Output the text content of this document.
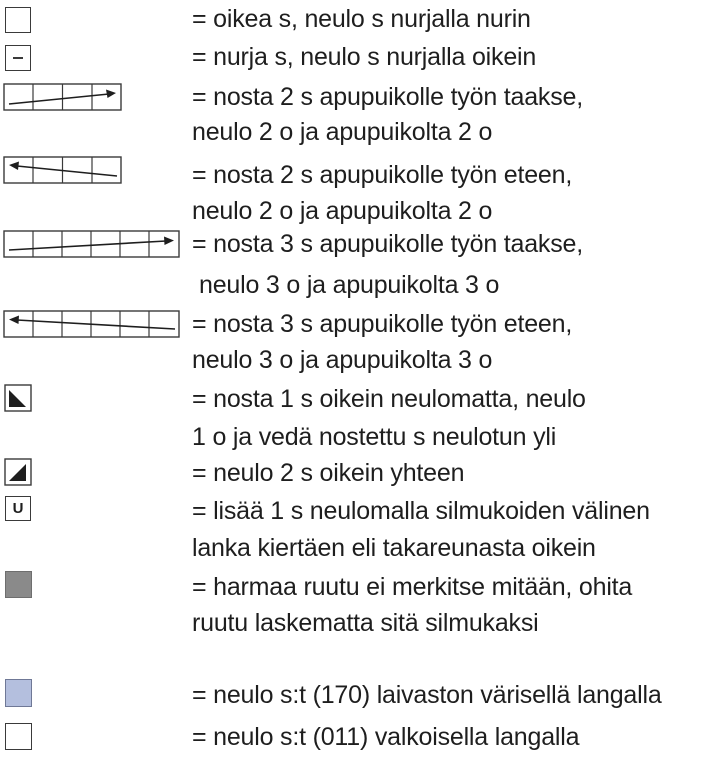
= oikea s, neulo s nurjalla nurin
= nurja s, neulo s nurjalla oikein
= nosta 2 s apupuikolle työn taakse,
neulo 2 o ja apupuikolta 2 o
= nosta 2 s apupuikolle työn eteen,
neulo 2 o ja apupuikolta 2 o
= nosta 3 s apupuikolle työn taakse,
neulo 3 o ja apupuikolta 3 o
= nosta 3 s apupuikolle työn eteen,
neulo 3 o ja apupuikolta 3 o
= nosta 1 s oikein neulomatta, neulo
1 o ja vedä nostettu s neulotun yli
= neulo 2 s oikein yhteen
U	= lisää 1 s neulomalla silmukoiden välinen
lanka kiertäen eli takareunasta oikein
= harmaa ruutu ei merkitse mitään, ohita
ruutu laskematta sitä silmukaksi
= neulo s:t (170) laivaston värisellä langalla
= neulo s:t (011) valkoisella langalla
